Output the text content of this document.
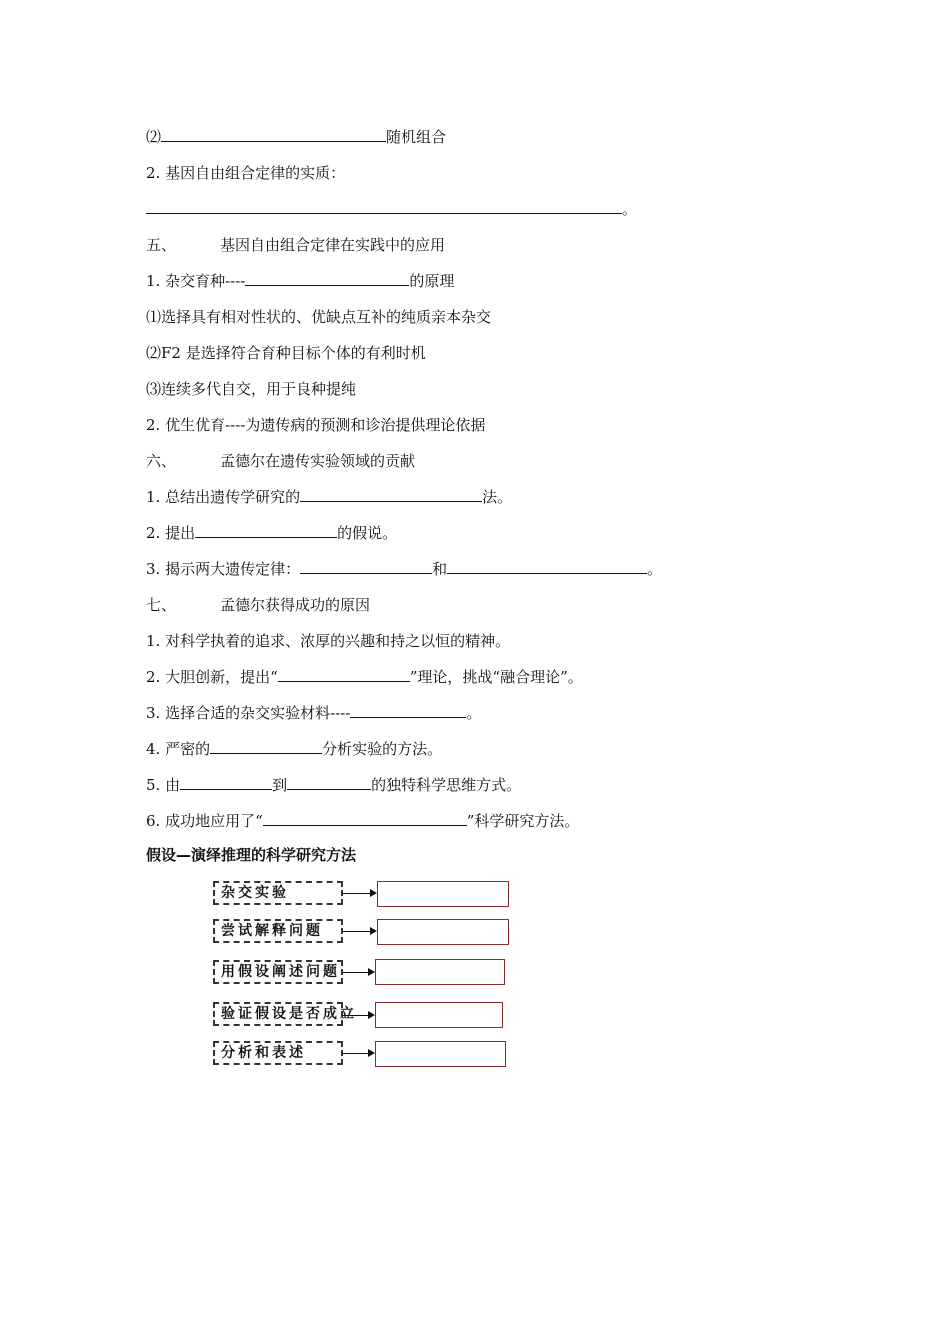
⑵	随机组合
2. 基因自由组合定律的实质：
。
五、	基因自由组合定律在实践中的应用
1. 杂交育种----	的原理
⑴选择具有相对性状的、优缺点互补的纯质亲本杂交
⑵F2 是选择符合育种目标个体的有利时机
⑶连续多代自交，用于良种提纯
2. 优生优育----为遗传病的预测和诊治提供理论依据
六、	孟德尔在遗传实验领域的贡献
1. 总结出遗传学研究的	法。
2. 提出	的假说。
3. 揭示两大遗传定律：	和	。
七、	孟德尔获得成功的原因
1. 对科学执着的追求、浓厚的兴趣和持之以恒的精神。
2. 大胆创新，提出“	”理论，挑战“融合理论”。
3. 选择合适的杂交实验材料----	。
4. 严密的	分析实验的方法。
5. 由	到	的独特科学思维方式。
6. 成功地应用了“	”科学研究方法。
假设—演绎推理的科学研究方法
杂交实验
尝试解释问题
用假设阐述问题
验证假设是否成立
分析和表述
